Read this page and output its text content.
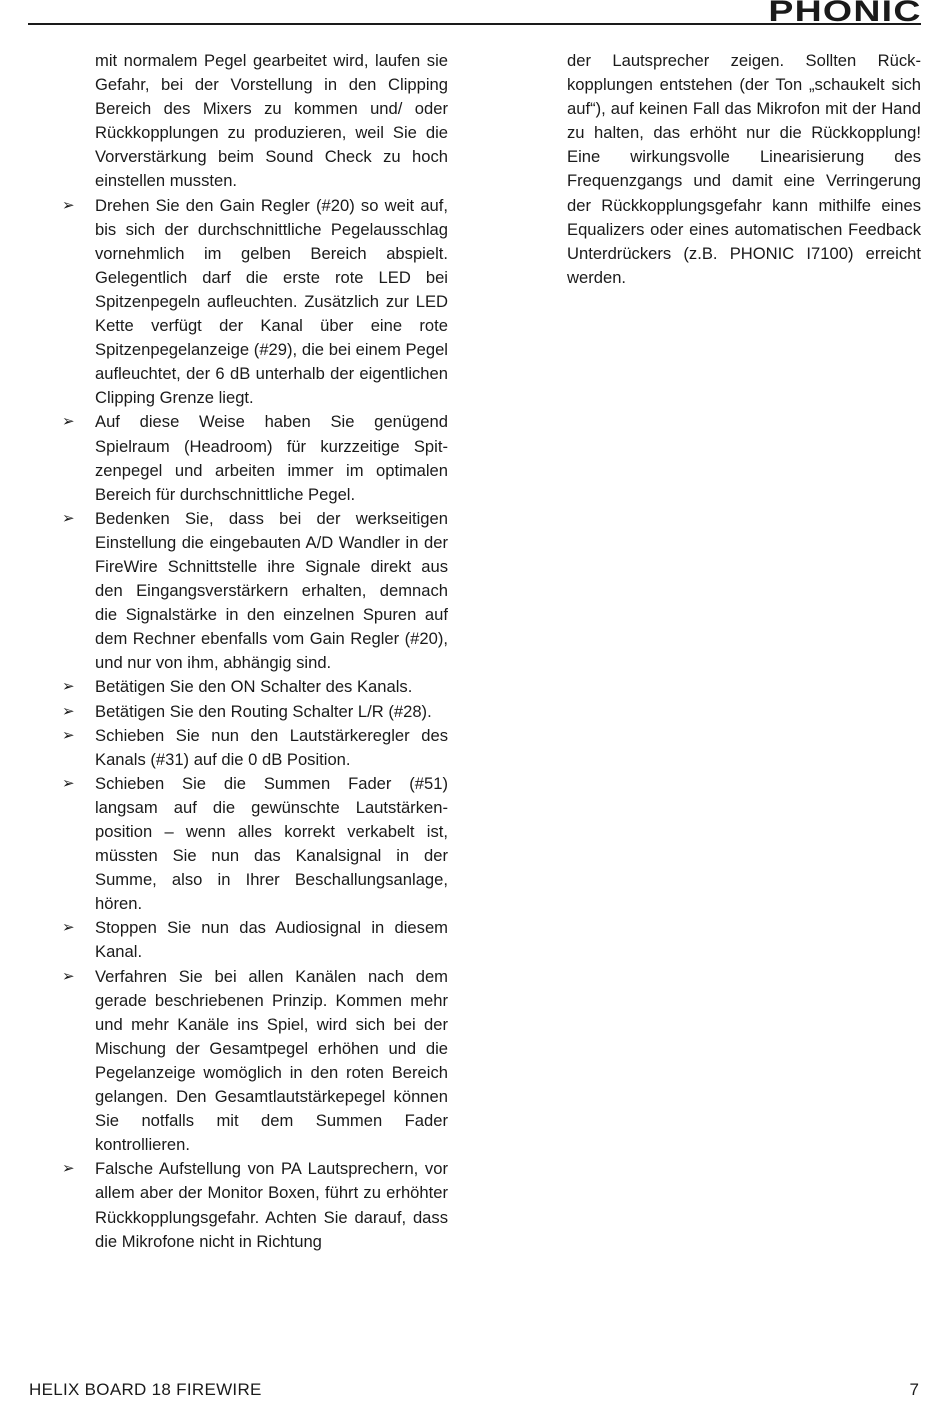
PHONIC

mit normalem Pegel gearbeitet wird, laufen sie Gefahr, bei der Vorstellung in den Clipping Bereich des Mixers zu kommen und/ oder Rückkopplungen zu produzieren, weil Sie die Vorverstärkung beim Sound Check zu hoch einstellen mussten.

➢ Drehen Sie den Gain Regler (#20) so weit auf, bis sich der durchschnittliche Pegelausschlag vornehmlich im gelben Bereich abspielt. Gelegentlich darf die erste rote LED bei Spitzenpegeln aufleuchten. Zusätzlich zur LED Kette verfügt der Kanal über eine rote Spitzenpegelanzeige (#29), die bei einem Pegel aufleuchtet, der 6 dB unterhalb der eigentlichen Clipping Grenze liegt.

➢ Auf diese Weise haben Sie genügend Spielraum (Headroom) für kurzzeitige Spitzenpegel und arbeiten immer im optimalen Bereich für durchschnittliche Pegel.

➢ Bedenken Sie, dass bei der werkseitigen Einstellung die eingebauten A/D Wandler in der FireWire Schnittstelle ihre Signale direkt aus den Eingangsverstärkern erhalten, demnach die Signalstärke in den einzelnen Spuren auf dem Rechner ebenfalls vom Gain Regler (#20), und nur von ihm, abhängig sind.

➢ Betätigen Sie den ON Schalter des Kanals.

➢ Betätigen Sie den Routing Schalter L/R (#28).

➢ Schieben Sie nun den Lautstärkeregler des Kanals (#31) auf die 0 dB Position.

➢ Schieben Sie die Summen Fader (#51) langsam auf die gewünschte Lautstärkenposition – wenn alles korrekt verkabelt ist, müssten Sie nun das Kanalsignal in der Summe, also in Ihrer Beschallungsanlage, hören.

➢ Stoppen Sie nun das Audiosignal in diesem Kanal.

➢ Verfahren Sie bei allen Kanälen nach dem gerade beschriebenen Prinzip. Kommen mehr und mehr Kanäle ins Spiel, wird sich bei der Mischung der Gesamtpegel erhöhen und die Pegelanzeige womöglich in den roten Bereich gelangen. Den Gesamtlautstärkepegel können Sie notfalls mit dem Summen Fader kontrollieren.

➢ Falsche Aufstellung von PA Lautsprechern, vor allem aber der Monitor Boxen, führt zu erhöhter Rückkopplungsgefahr. Achten Sie darauf, dass die Mikrofone nicht in Richtung

der Lautsprecher zeigen. Sollten Rückkopplungen entstehen (der Ton „schaukelt sich auf“), auf keinen Fall das Mikrofon mit der Hand zu halten, das erhöht nur die Rückkopplung! Eine wirkungsvolle Linearisierung des Frequenzgangs und damit eine Verringerung der Rückkopplungsgefahr kann mithilfe eines Equalizers oder eines automatischen Feedback Unterdrückers (z.B. PHONIC I7100) erreicht werden.

HELIX BOARD 18 FIREWIRE	7
